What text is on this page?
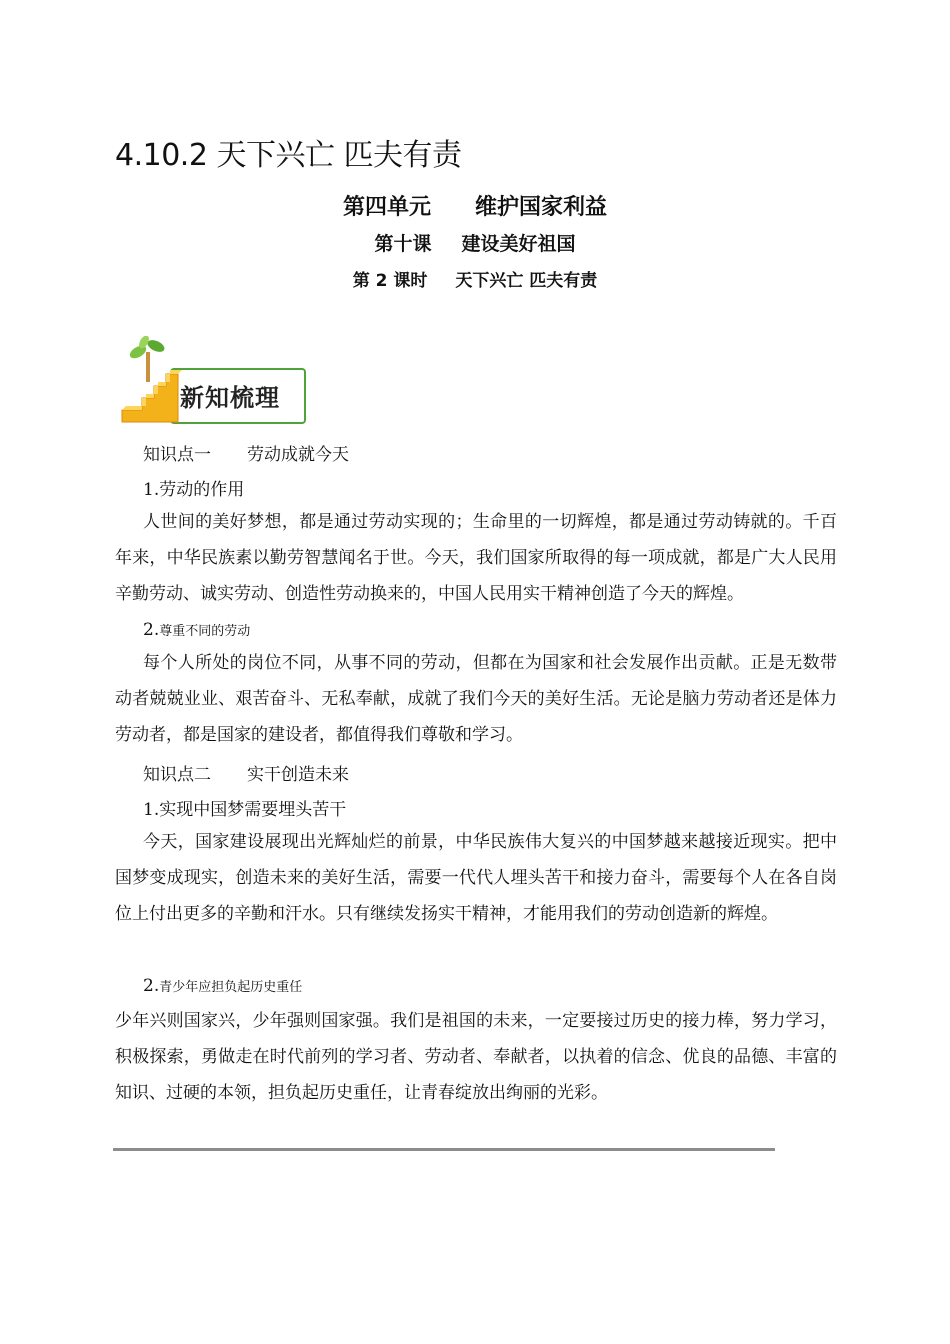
4.10.2 天下兴亡 匹夫有责
第四单元 维护国家利益
第十课 建设美好祖国
第 2 课时 天下兴亡 匹夫有责
新知梳理
知识点一 劳动成就今天
1.劳动的作用
人世间的美好梦想，都是通过劳动实现的；生命里的一切辉煌，都是通过劳动铸就的。千百年来，中华民族素以勤劳智慧闻名于世。今天，我们国家所取得的每一项成就，都是广大人民用辛勤劳动、诚实劳动、创造性劳动换来的，中国人民用实干精神创造了今天的辉煌。
2.尊重不同的劳动
每个人所处的岗位不同，从事不同的劳动，但都在为国家和社会发展作出贡献。正是无数带动者兢兢业业、艰苦奋斗、无私奉献，成就了我们今天的美好生活。无论是脑力劳动者还是体力劳动者，都是国家的建设者，都值得我们尊敬和学习。
知识点二 实干创造未来
1.实现中国梦需要埋头苦干
今天，国家建设展现出光辉灿烂的前景，中华民族伟大复兴的中国梦越来越接近现实。把中国梦变成现实，创造未来的美好生活，需要一代代人埋头苦干和接力奋斗，需要每个人在各自岗位上付出更多的辛勤和汗水。只有继续发扬实干精神，才能用我们的劳动创造新的辉煌。
2.青少年应担负起历史重任
少年兴则国家兴，少年强则国家强。我们是祖国的未来，一定要接过历史的接力棒，努力学习，积极探索，勇做走在时代前列的学习者、劳动者、奉献者，以执着的信念、优良的品德、丰富的知识、过硬的本领，担负起历史重任，让青春绽放出绚丽的光彩。
